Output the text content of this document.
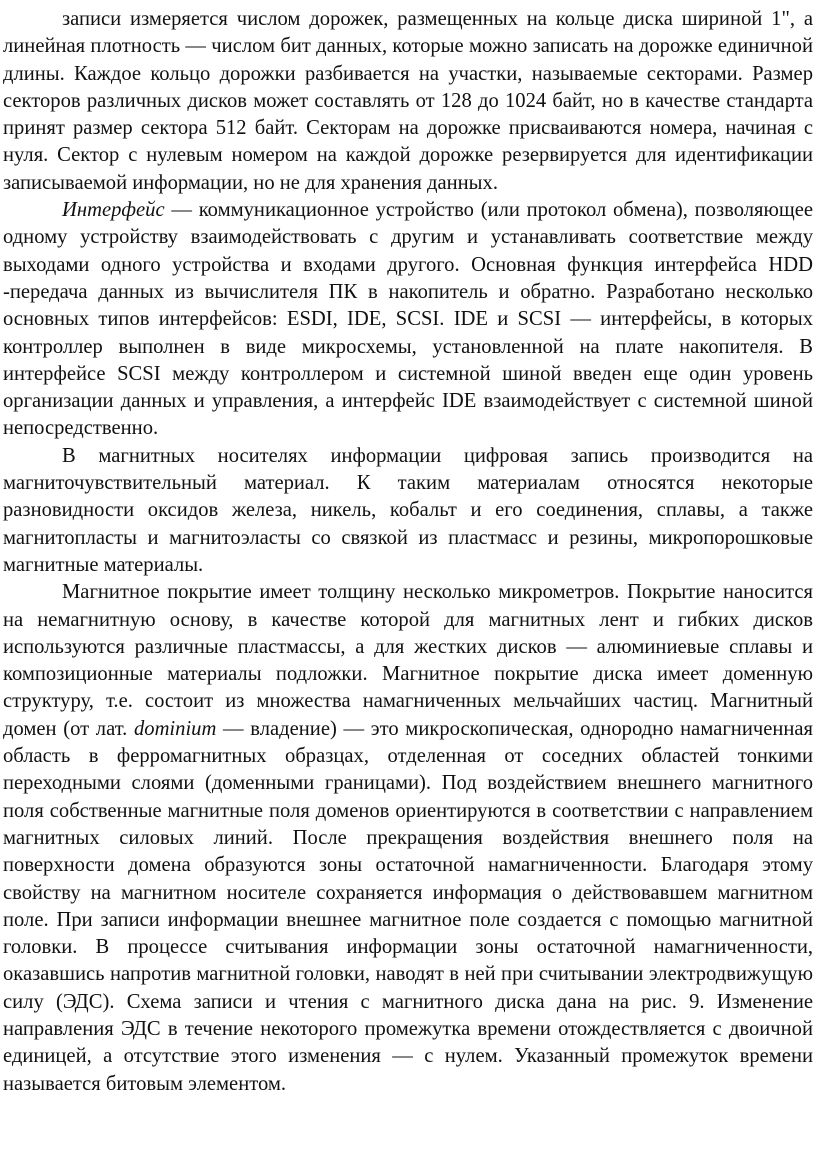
записи измеряется числом дорожек, размещенных на кольце диска шириной 1", а линейная плотность — числом бит данных, которые можно записать на дорожке единичной длины. Каждое кольцо дорожки разбивается на участки, называемые секторами. Размер секторов различных дисков может составлять от 128 до 1024 байт, но в качестве стандарта принят размер сектора 512 байт. Секторам на дорожке присваиваются номера, начиная с нуля. Сектор с нулевым номером на каждой дорожке резервируется для идентификации записываемой информации, но не для хранения данных.

Интерфейс — коммуникационное устройство (или протокол обмена), позволяющее одному устройству взаимодействовать с другим и устанавливать соответствие между выходами одного устройства и входами другого. Основная функция интерфейса HDD -передача данных из вычислителя ПК в накопитель и обратно. Разработано несколько основных типов интерфейсов: ESDI, IDE, SCSI. IDE и SCSI — интерфейсы, в которых контроллер выполнен в виде микросхемы, установленной на плате накопителя. В интерфейсе SCSI между контроллером и системной шиной введен еще один уровень организации данных и управления, а интерфейс IDE взаимодействует с системной шиной непосредственно.

В магнитных носителях информации цифровая запись производится на магниточувствительный материал. К таким материалам относятся некоторые разновидности оксидов железа, никель, кобальт и его соединения, сплавы, а также магнитопласты и магнитоэласты со связкой из пластмасс и резины, микропорошковые магнитные материалы.

Магнитное покрытие имеет толщину несколько микрометров. Покрытие наносится на немагнитную основу, в качестве которой для магнитных лент и гибких дисков используются различные пластмассы, а для жестких дисков — алюминиевые сплавы и композиционные материалы подложки. Магнитное покрытие диска имеет доменную структуру, т.е. состоит из множества намагниченных мельчайших частиц. Магнитный домен (от лат. dominium — владение) — это микроскопическая, однородно намагниченная область в ферромагнитных образцах, отделенная от соседних областей тонкими переходными слоями (доменными границами). Под воздействием внешнего магнитного поля собственные магнитные поля доменов ориентируются в соответствии с направлением магнитных силовых линий. После прекращения воздействия внешнего поля на поверхности домена образуются зоны остаточной намагниченности. Благодаря этому свойству на магнитном носителе сохраняется информация о действовавшем магнитном поле. При записи информации внешнее магнитное поле создается с помощью магнитной головки. В процессе считывания информации зоны остаточной намагниченности, оказавшись напротив магнитной головки, наводят в ней при считывании электродвижущую силу (ЭДС). Схема записи и чтения с магнитного диска дана на рис. 9. Изменение направления ЭДС в течение некоторого промежутка времени отождествляется с двоичной единицей, а отсутствие этого изменения — с нулем. Указанный промежуток времени называется битовым элементом.
